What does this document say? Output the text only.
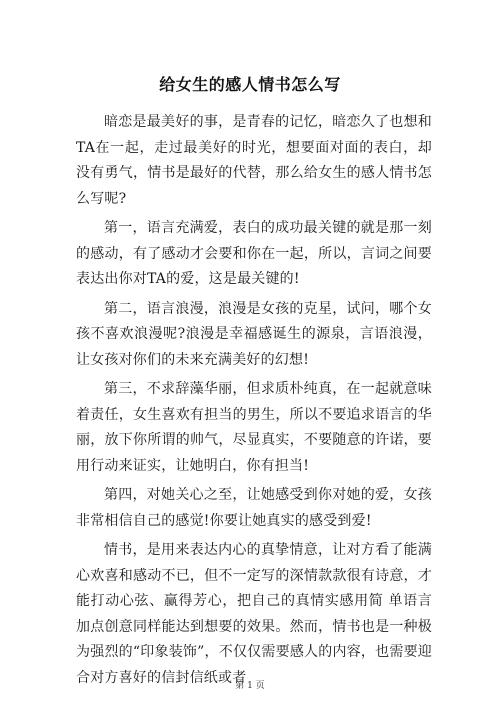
给女生的感人情书怎么写

暗恋是最美好的事，是青春的记忆，暗恋久了也想和TA在一起，走过最美好的时光，想要面对面的表白，却没有勇气，情书是最好的代替，那么给女生的感人情书怎么写呢?

第一，语言充满爱，表白的成功最关键的就是那一刻的感动，有了感动才会要和你在一起，所以，言词之间要表达出你对TA的爱，这是最关键的!

第二，语言浪漫，浪漫是女孩的克星，试问，哪个女孩不喜欢浪漫呢?浪漫是幸福感诞生的源泉，言语浪漫，让女孩对你们的未来充满美好的幻想!

第三，不求辞藻华丽，但求质朴纯真，在一起就意味着责任，女生喜欢有担当的男生，所以不要追求语言的华丽，放下你所谓的帅气，尽显真实，不要随意的许诺，要用行动来证实，让她明白，你有担当!

第四，对她关心之至，让她感受到你对她的爱，女孩非常相信自己的感觉!你要让她真实的感受到爱!

情书，是用来表达内心的真挚情意，让对方看了能满心欢喜和感动不已，但不一定写的深情款款很有诗意，才能打动心弦、赢得芳心，把自己的真情实感用简 单语言加点创意同样能达到想要的效果。然而，情书也是一种极为强烈的“印象装饰”，不仅仅需要感人的内容，也需要迎合对方喜好的信封信纸或者

第 1 页
